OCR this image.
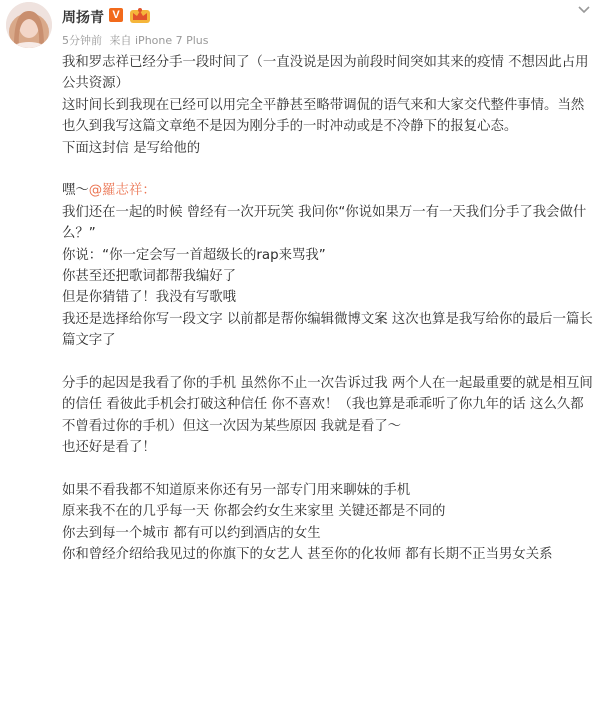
周扬青 V
5分钟前 来自 iPhone 7 Plus

我和罗志祥已经分手一段时间了（一直没说是因为前段时间突如其来的疫情 不想因此占用公共资源）

这时间长到我现在已经可以用完全平静甚至略带调侃的语气来和大家交代整件事情。当然也久到我写这篇文章绝不是因为刚分手的一时冲动或是不冷静下的报复心态。

下面这封信 是写给他的

嘿～@羅志祥：

我们还在一起的时候 曾经有一次开玩笑 我问你“你说如果万一有一天我们分手了我会做什么？”

你说：“你一定会写一首超级长的rap来骂我”

你甚至还把歌词都帮我编好了

但是你猜错了！我没有写歌哦

我还是选择给你写一段文字 以前都是帮你编辑微博文案 这次也算是我写给你的最后一篇长篇文字了

分手的起因是我看了你的手机 虽然你不止一次告诉过我 两个人在一起最重要的就是相互间的信任 看彼此手机会打破这种信任 你不喜欢！（我也算是乖乖听了你九年的话 这么久都不曾看过你的手机）但这一次因为某些原因 我就是看了～

也还好是看了！

如果不看我都不知道原来你还有另一部专门用来聊妹的手机

原来我不在的几乎每一天 你都会约女生来家里 关键还都是不同的

你去到每一个城市 都有可以约到酒店的女生

你和曾经介绍给我见过的你旗下的女艺人 甚至你的化妆师 都有长期不正当男女关系
